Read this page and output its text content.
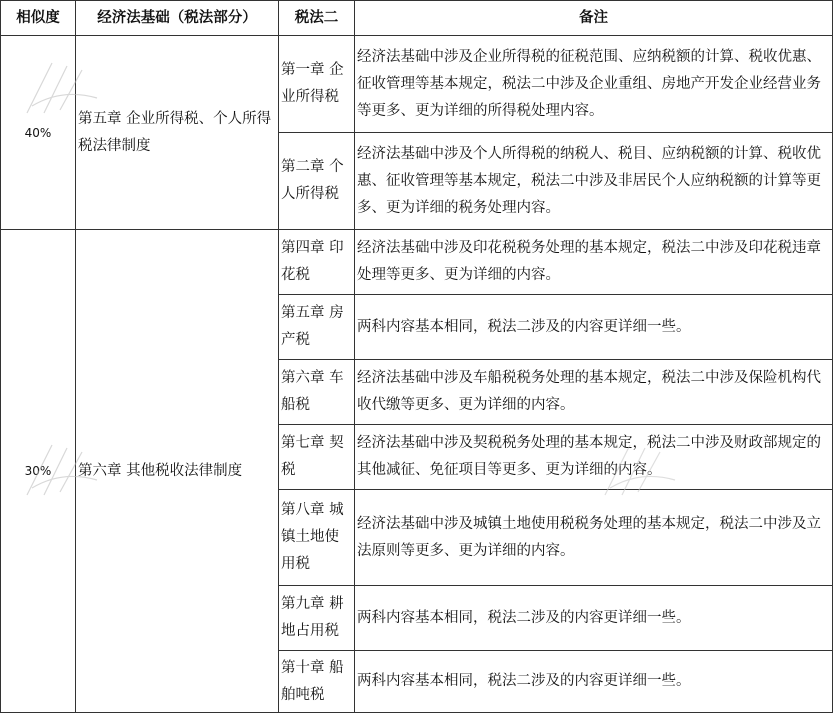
相似度	经济法基础（税法部分）	税法二	备注
40%	第五章 企业所得税、个人所得税法律制度	第一章 企业所得税	经济法基础中涉及企业所得税的征税范围、应纳税额的计算、税收优惠、征收管理等基本规定，税法二中涉及企业重组、房地产开发企业经营业务等更多、更为详细的所得税处理内容。
		第二章 个人所得税	经济法基础中涉及个人所得税的纳税人、税目、应纳税额的计算、税收优惠、征收管理等基本规定，税法二中涉及非居民个人应纳税额的计算等更多、更为详细的税务处理内容。
30%	第六章 其他税收法律制度	第四章 印花税	经济法基础中涉及印花税税务处理的基本规定，税法二中涉及印花税违章处理等更多、更为详细的内容。
		第五章 房产税	两科内容基本相同，税法二涉及的内容更详细一些。
		第六章 车船税	经济法基础中涉及车船税税务处理的基本规定，税法二中涉及保险机构代收代缴等更多、更为详细的内容。
		第七章 契税	经济法基础中涉及契税税务处理的基本规定，税法二中涉及财政部规定的其他减征、免征项目等更多、更为详细的内容。
		第八章 城镇土地使用税	经济法基础中涉及城镇土地使用税税务处理的基本规定，税法二中涉及立法原则等更多、更为详细的内容。
		第九章 耕地占用税	两科内容基本相同，税法二涉及的内容更详细一些。
		第十章 船舶吨税	两科内容基本相同，税法二涉及的内容更详细一些。
